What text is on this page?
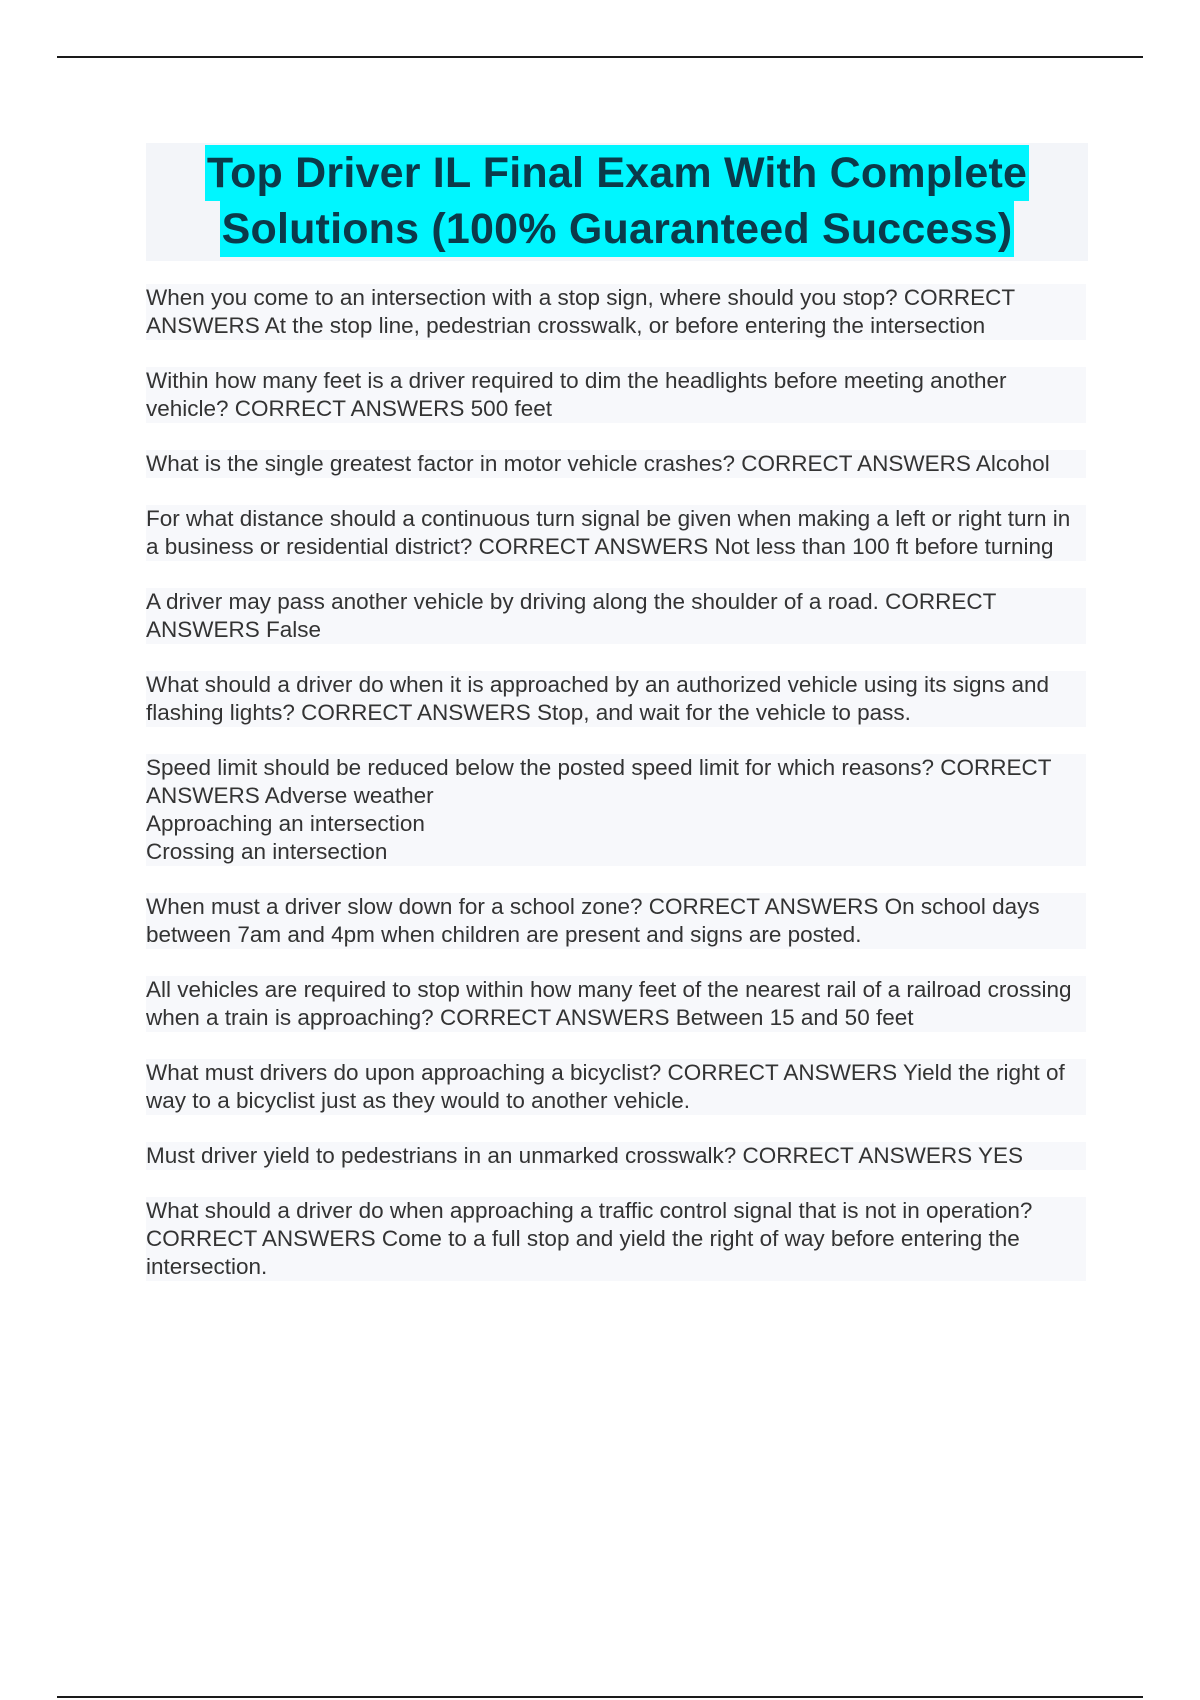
Top Driver IL Final Exam With Complete
Solutions (100% Guaranteed Success)

When you come to an intersection with a stop sign, where should you stop? CORRECT ANSWERS At the stop line, pedestrian crosswalk, or before entering the intersection

Within how many feet is a driver required to dim the headlights before meeting another vehicle? CORRECT ANSWERS 500 feet

What is the single greatest factor in motor vehicle crashes? CORRECT ANSWERS Alcohol

For what distance should a continuous turn signal be given when making a left or right turn in a business or residential district? CORRECT ANSWERS Not less than 100 ft before turning

A driver may pass another vehicle by driving along the shoulder of a road. CORRECT ANSWERS False

What should a driver do when it is approached by an authorized vehicle using its signs and flashing lights? CORRECT ANSWERS Stop, and wait for the vehicle to pass.

Speed limit should be reduced below the posted speed limit for which reasons? CORRECT ANSWERS Adverse weather
Approaching an intersection
Crossing an intersection

When must a driver slow down for a school zone? CORRECT ANSWERS On school days between 7am and 4pm when children are present and signs are posted.

All vehicles are required to stop within how many feet of the nearest rail of a railroad crossing when a train is approaching? CORRECT ANSWERS Between 15 and 50 feet

What must drivers do upon approaching a bicyclist? CORRECT ANSWERS Yield the right of way to a bicyclist just as they would to another vehicle.

Must driver yield to pedestrians in an unmarked crosswalk? CORRECT ANSWERS YES

What should a driver do when approaching a traffic control signal that is not in operation? CORRECT ANSWERS Come to a full stop and yield the right of way before entering the intersection.
